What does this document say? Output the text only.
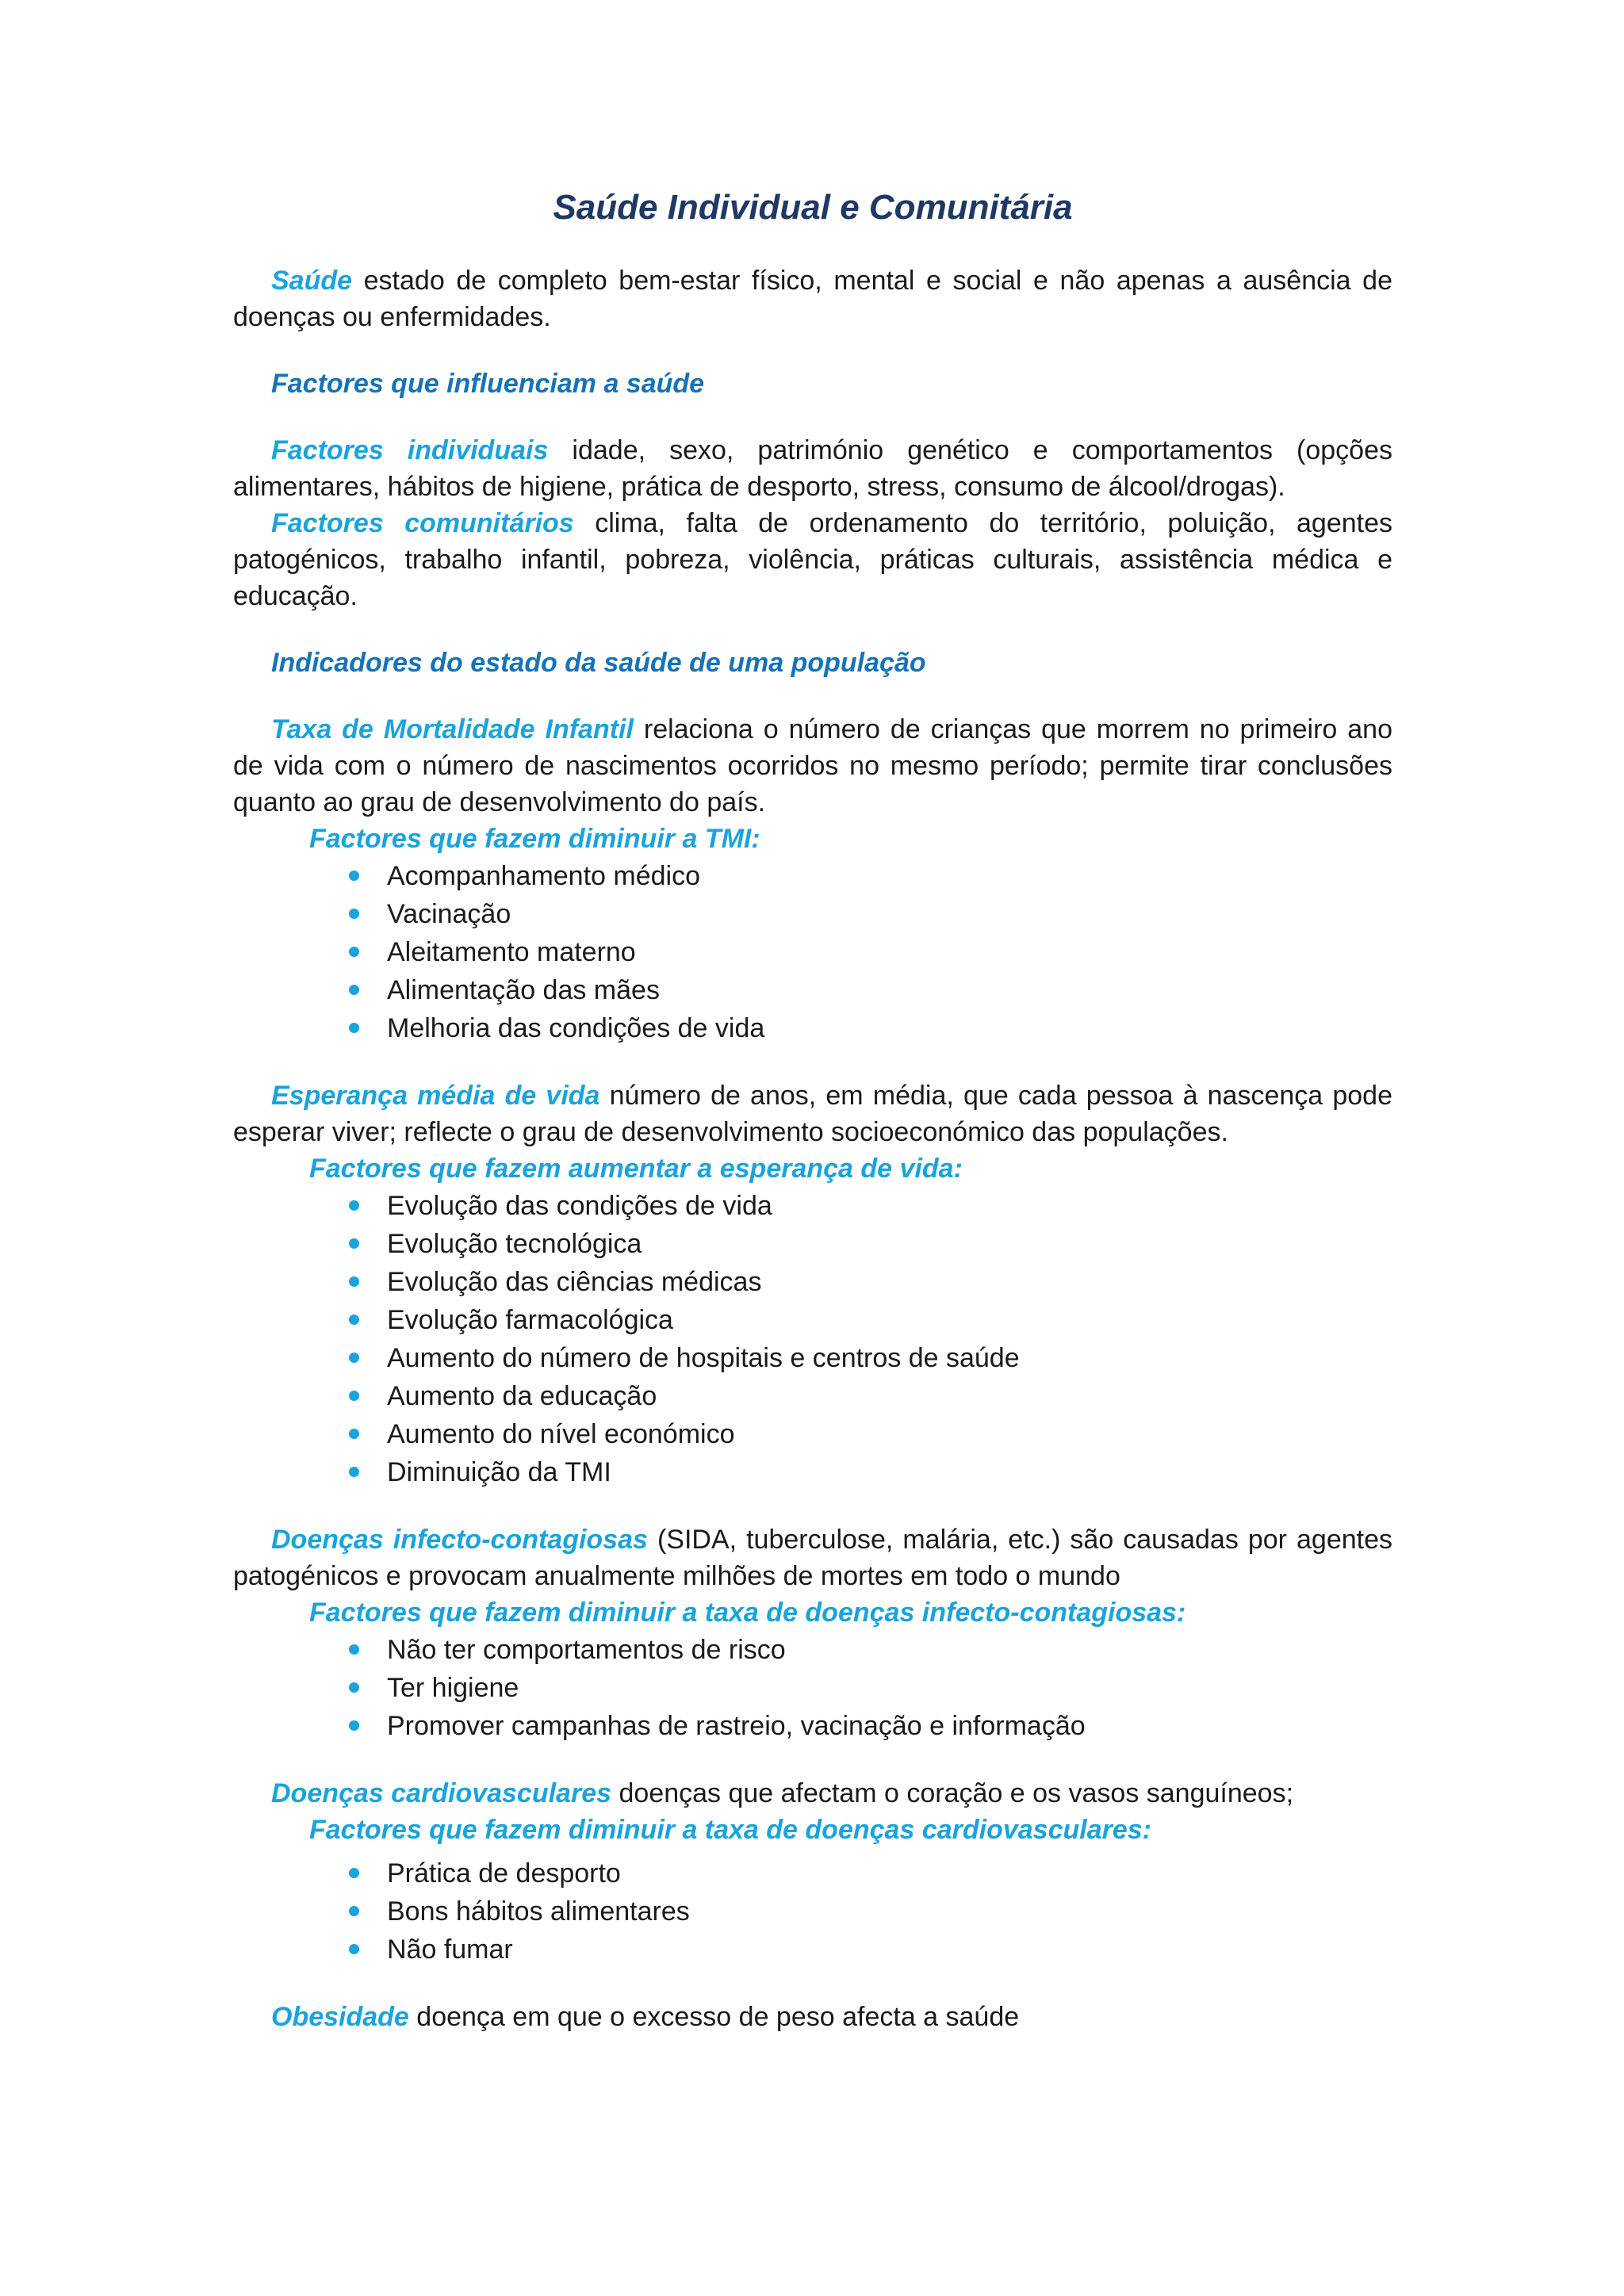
Saúde Individual e Comunitária

Saúde estado de completo bem-estar físico, mental e social e não apenas a ausência de doenças ou enfermidades.

Factores que influenciam a saúde

Factores individuais idade, sexo, património genético e comportamentos (opções alimentares, hábitos de higiene, prática de desporto, stress, consumo de álcool/drogas).

Factores comunitários clima, falta de ordenamento do território, poluição, agentes patogénicos, trabalho infantil, pobreza, violência, práticas culturais, assistência médica e educação.

Indicadores do estado da saúde de uma população

Taxa de Mortalidade Infantil relaciona o número de crianças que morrem no primeiro ano de vida com o número de nascimentos ocorridos no mesmo período; permite tirar conclusões quanto ao grau de desenvolvimento do país.

Factores que fazem diminuir a TMI:
Acompanhamento médico
Vacinação
Aleitamento materno
Alimentação das mães
Melhoria das condições de vida

Esperança média de vida número de anos, em média, que cada pessoa à nascença pode esperar viver; reflecte o grau de desenvolvimento socioeconómico das populações.

Factores que fazem aumentar a esperança de vida:
Evolução das condições de vida
Evolução tecnológica
Evolução das ciências médicas
Evolução farmacológica
Aumento do número de hospitais e centros de saúde
Aumento da educação
Aumento do nível económico
Diminuição da TMI

Doenças infecto-contagiosas (SIDA, tuberculose, malária, etc.) são causadas por agentes patogénicos e provocam anualmente milhões de mortes em todo o mundo

Factores que fazem diminuir a taxa de doenças infecto-contagiosas:
Não ter comportamentos de risco
Ter higiene
Promover campanhas de rastreio, vacinação e informação

Doenças cardiovasculares doenças que afectam o coração e os vasos sanguíneos;

Factores que fazem diminuir a taxa de doenças cardiovasculares:
Prática de desporto
Bons hábitos alimentares
Não fumar

Obesidade doença em que o excesso de peso afecta a saúde
